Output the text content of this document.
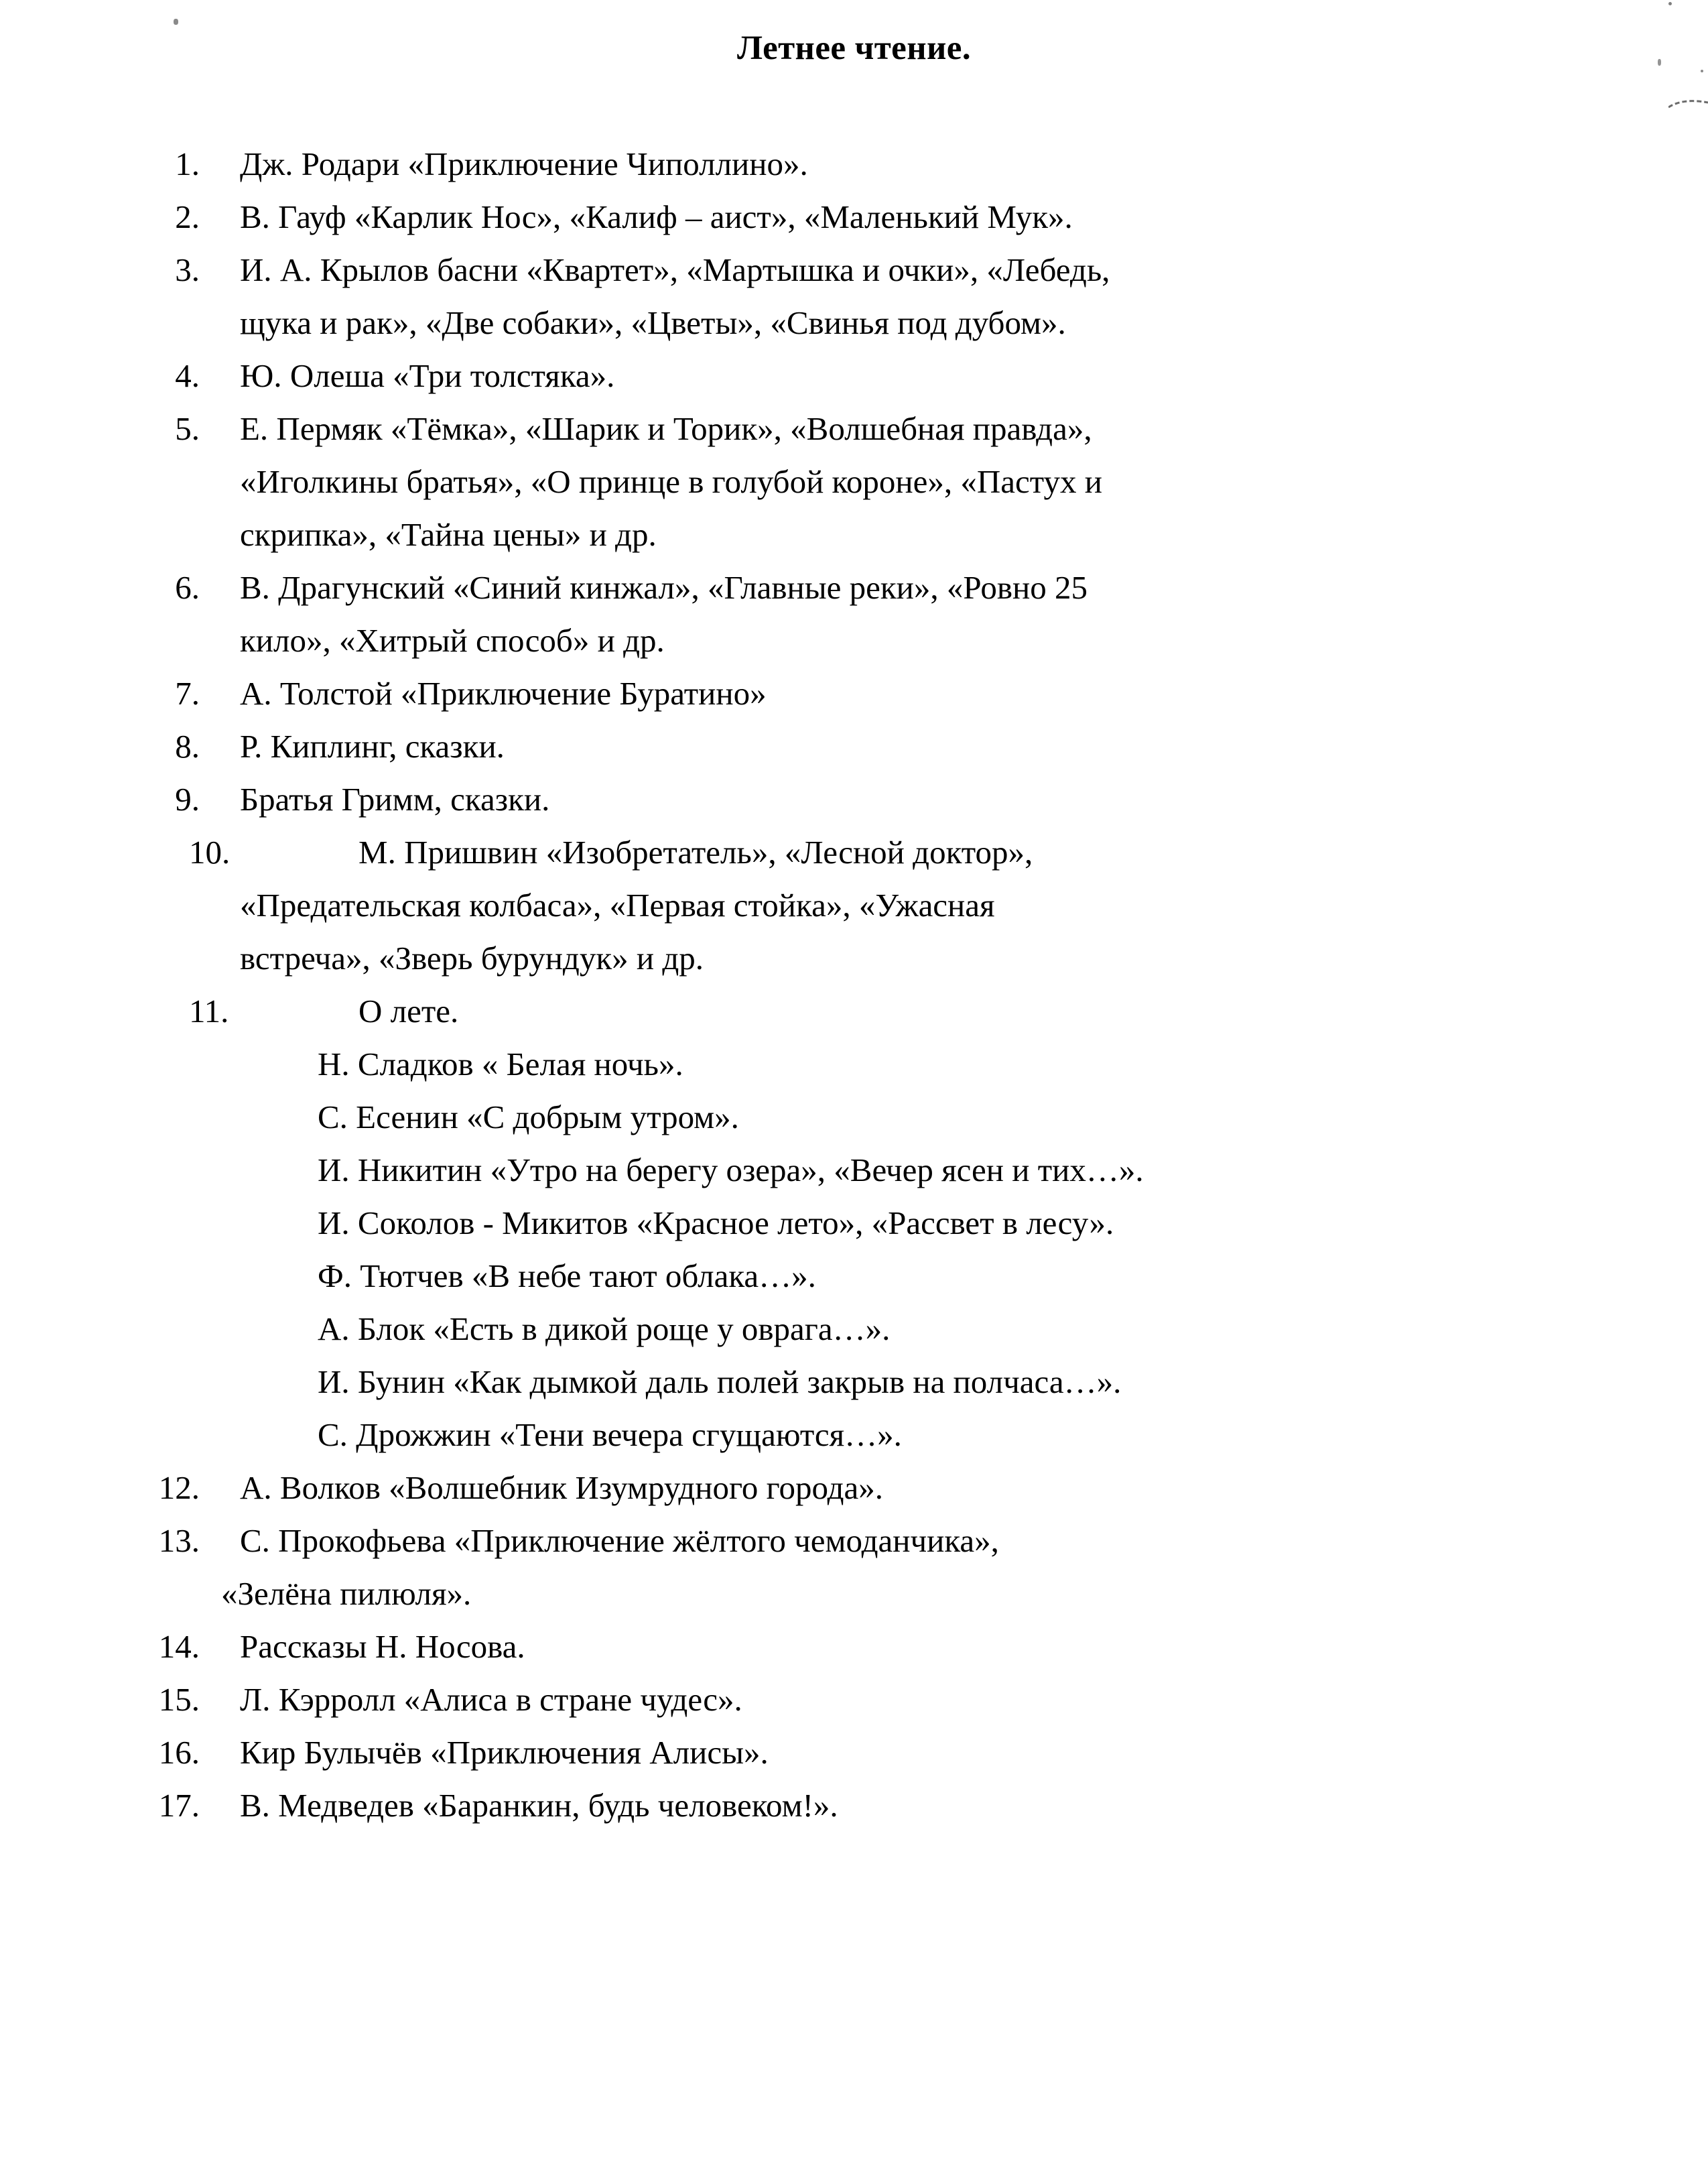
Летнее чтение.
1. Дж. Родари «Приключение Чиполлино».
2. В. Гауф «Карлик Нос», «Калиф – аист», «Маленький Мук».
3. И. А. Крылов басни «Квартет», «Мартышка и очки», «Лебедь,
щука и рак», «Две собаки», «Цветы», «Свинья под дубом».
4. Ю. Олеша «Три толстяка».
5. Е. Пермяк «Тёмка», «Шарик и Торик», «Волшебная правда»,
«Иголкины братья», «О принце в голубой короне», «Пастух и
скрипка», «Тайна цены» и др.
6. В. Драгунский «Синий кинжал», «Главные реки», «Ровно 25
кило», «Хитрый способ» и др.
7. А. Толстой «Приключение Буратино»
8. Р. Киплинг, сказки.
9. Братья Гримм, сказки.
10.	М. Пришвин «Изобретатель», «Лесной доктор»,
«Предательская колбаса», «Первая стойка», «Ужасная
встреча», «Зверь бурундук» и др.
11.	О лете.
Н. Сладков « Белая ночь».
С. Есенин «С добрым утром».
И. Никитин «Утро на берегу озера», «Вечер ясен и тих…».
И. Соколов - Микитов «Красное лето», «Рассвет в лесу».
Ф. Тютчев «В небе тают облака…».
А. Блок «Есть в дикой роще у оврага…».
И. Бунин «Как дымкой даль полей закрыв на полчаса…».
С. Дрожжин «Тени вечера сгущаются…».
12. А. Волков «Волшебник Изумрудного города».
13. С. Прокофьева «Приключение жёлтого чемоданчика»,
«Зелёна пилюля».
14. Рассказы Н. Носова.
15. Л. Кэрролл «Алиса в стране чудес».
16. Кир Булычёв «Приключения Алисы».
17. В. Медведев «Баранкин, будь человеком!».
